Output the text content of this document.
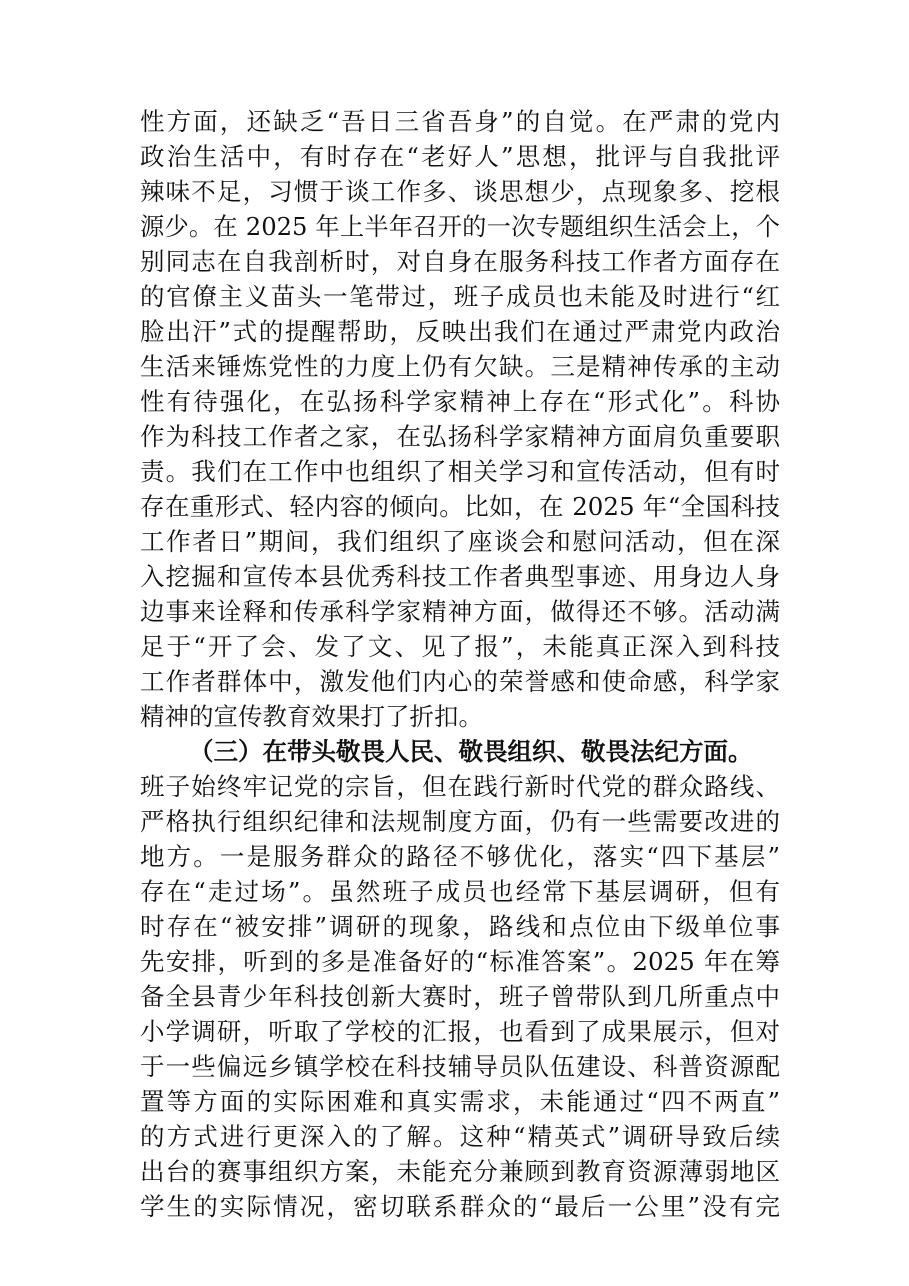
性方面，还缺乏“吾日三省吾身”的自觉。在严肃的党内
政治生活中，有时存在“老好人”思想，批评与自我批评
辣味不足，习惯于谈工作多、谈思想少，点现象多、挖根
源少。在 2025 年上半年召开的一次专题组织生活会上，个
别同志在自我剖析时，对自身在服务科技工作者方面存在
的官僚主义苗头一笔带过，班子成员也未能及时进行“红
脸出汗”式的提醒帮助，反映出我们在通过严肃党内政治
生活来锤炼党性的力度上仍有欠缺。三是精神传承的主动
性有待强化，在弘扬科学家精神上存在“形式化”。科协
作为科技工作者之家，在弘扬科学家精神方面肩负重要职
责。我们在工作中也组织了相关学习和宣传活动，但有时
存在重形式、轻内容的倾向。比如，在 2025 年“全国科技
工作者日”期间，我们组织了座谈会和慰问活动，但在深
入挖掘和宣传本县优秀科技工作者典型事迹、用身边人身
边事来诠释和传承科学家精神方面，做得还不够。活动满
足于“开了会、发了文、见了报”，未能真正深入到科技
工作者群体中，激发他们内心的荣誉感和使命感，科学家
精神的宣传教育效果打了折扣。
（三）在带头敬畏人民、敬畏组织、敬畏法纪方面。
班子始终牢记党的宗旨，但在践行新时代党的群众路线、
严格执行组织纪律和法规制度方面，仍有一些需要改进的
地方。一是服务群众的路径不够优化，落实“四下基层”
存在“走过场”。虽然班子成员也经常下基层调研，但有
时存在“被安排”调研的现象，路线和点位由下级单位事
先安排，听到的多是准备好的“标准答案”。2025 年在筹
备全县青少年科技创新大赛时，班子曾带队到几所重点中
小学调研，听取了学校的汇报，也看到了成果展示，但对
于一些偏远乡镇学校在科技辅导员队伍建设、科普资源配
置等方面的实际困难和真实需求，未能通过“四不两直”
的方式进行更深入的了解。这种“精英式”调研导致后续
出台的赛事组织方案，未能充分兼顾到教育资源薄弱地区
学生的实际情况，密切联系群众的“最后一公里”没有完
